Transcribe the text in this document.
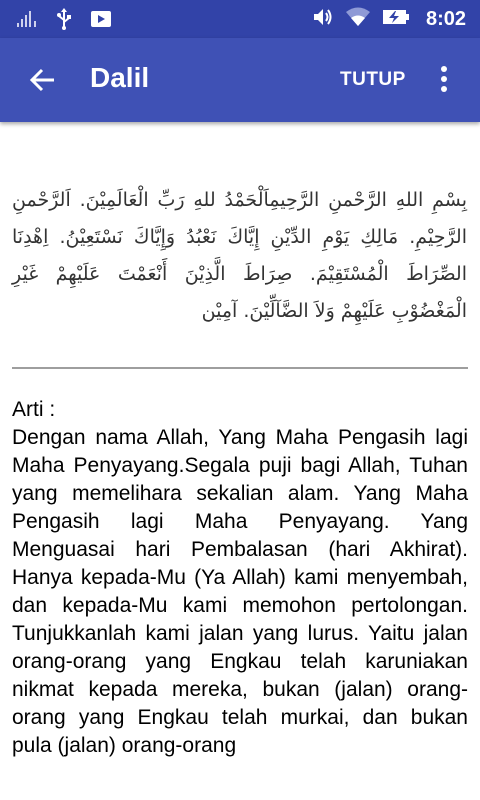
8:02
Dalil	TUTUP
بِسْمِ اللهِ الرَّحْمنِ الرَّحِيمِاَلْحَمْدُ للهِ رَبِّ الْعَالَمِيْنَ. اَلرَّحْمنِ الرَّحِيْمِ. مَالِكِ يَوْمِ الدِّيْنِ إِيَّاكَ نَعْبُدُ وَإِيَّاكَ نَسْتَعِيْنُ. اِهْدِنَا الصِّرَاطَ الْمُسْتَقِيْمَ. صِرَاطَ الَّذِيْنَ أَنْعَمْتَ عَلَيْهِمْ غَيْرِ الْمَغْضُوْبِ عَلَيْهِمْ وَلاَ الضَّآلِّيْنَ. آمِيْن
Arti :
Dengan nama Allah, Yang Maha Pengasih lagi Maha Penyayang.Segala puji bagi Allah, Tuhan yang memelihara sekalian alam. Yang Maha Pengasih lagi Maha Penyayang. Yang Menguasai hari Pembalasan (hari Akhirat). Hanya kepada-Mu (Ya Allah) kami menyembah, dan kepada-Mu kami memohon pertolongan. Tunjukkanlah kami jalan yang lurus. Yaitu jalan orang-orang yang Engkau telah karuniakan nikmat kepada mereka, bukan (jalan) orang-orang yang Engkau telah murkai, dan bukan pula (jalan) orang-orang
